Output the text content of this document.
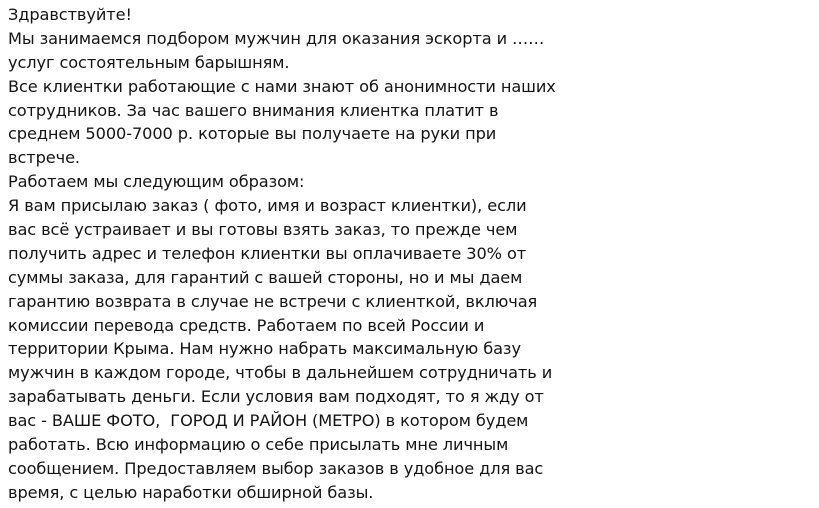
Здравствуйте!
Мы занимаемся подбором мужчин для оказания эскорта и ……
услуг состоятельным барышням.
Все клиентки работающие с нами знают об анонимности наших
сотрудников. За час вашего внимания клиентка платит в
среднем 5000-7000 р. которые вы получаете на руки при
встрече.
Работаем мы следующим образом:
Я вам присылаю заказ ( фото, имя и возраст клиентки), если
вас всё устраивает и вы готовы взять заказ, то прежде чем
получить адрес и телефон клиентки вы оплачиваете 30% от
суммы заказа, для гарантий с вашей стороны, но и мы даем
гарантию возврата в случае не встречи с клиенткой, включая
комиссии перевода средств. Работаем по всей России и
территории Крыма. Нам нужно набрать максимальную базу
мужчин в каждом городе, чтобы в дальнейшем сотрудничать и
зарабатывать деньги. Если условия вам подходят, то я жду от
вас - ВАШЕ ФОТО,  ГОРОД И РАЙОН (МЕТРО) в котором будем
работать. Всю информацию о себе присылать мне личным
сообщением. Предоставляем выбор заказов в удобное для вас
время, с целью наработки обширной базы.
